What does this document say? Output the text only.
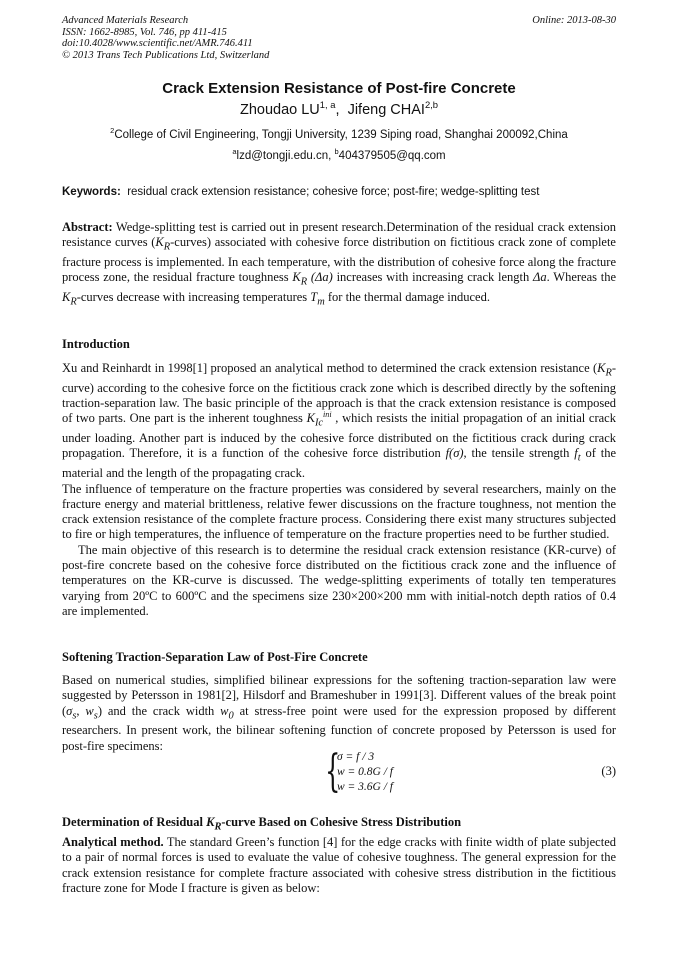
Advanced Materials Research
ISSN: 1662-8985, Vol. 746, pp 411-415
doi:10.4028/www.scientific.net/AMR.746.411
© 2013 Trans Tech Publications Ltd, Switzerland
Online: 2013-08-30
Crack Extension Resistance of Post-fire Concrete
Zhoudao LU$^{1, a}$, Jifeng CHAI$^{2,b}$
$^2$College of Civil Engineering, Tongji University, 1239 Siping road, Shanghai 200092,China
$^a$lzd@tongji.edu.cn, $^b$404379505@qq.com
Keywords: residual crack extension resistance; cohesive force; post-fire; wedge-splitting test

Abstract: Wedge-splitting test is carried out in present research.Determination of the residual crack extension resistance curves $(K_R-curves)$ associated with cohesive force distribution on fictitious crack zone of complete fracture process is implemented. In each temperature, with the distribution of cohesive force along the fracture process zone, the residual fracture toughness $K_R$ (Δa) increases with increasing crack length Δa. Whereas the $K_R$-curves decrease with increasing temperatures $T_m$ for the thermal damage induced.

Introduction

Xu and Reinhardt in 1998[1] proposed an analytical method to determined the crack extension resistance $(K_R-curve)$ according to the cohesive force on the fictitious crack zone which is described directly by the softening traction-separation law. The basic principle of the approach is that the crack extension resistance is composed of two parts. One part is the inherent toughness $K_{Ic}^{ini}$ , which resists the initial propagation of an initial crack under loading. Another part is induced by the cohesive force distributed on the fictitious crack during crack propagation. Therefore, it is a function of the cohesive force distribution f(σ), the tensile strength $f_t$ of the material and the length of the propagating crack.

The influence of temperature on the fracture properties was considered by several researchers, mainly on the fracture energy and material brittleness, relative fewer discussions on the fracture toughness, not mention the crack extension resistance of the complete fracture process. Considering there exist many structures subjected to fire or high temperatures, the influence of temperature on the fracture properties need to be further studied.

The main objective of this research is to determine the residual crack extension resistance (KR-curve) of post-fire concrete based on the cohesive force distributed on the fictitious crack zone and the influence of temperatures on the KR-curve is discussed. The wedge-splitting experiments of totally ten temperatures varying from 20ºC to 600ºC and the specimens size 230×200×200 mm with initial-notch depth ratios of 0.4 are implemented.

Softening Traction-Separation Law of Post-Fire Concrete

Based on numerical studies, simplified bilinear expressions for the softening traction-separation law were suggested by Petersson in 1981[2], Hilsdorf and Brameshuber in 1991[3]. Different values of the break point ($\sigma_s$, $w_s$) and the crack width $w_0$ at stress-free point were used for the expression proposed by different researchers. In present work, the bilinear softening function of concrete proposed by Petersson is used for post-fire specimens:

{
σ = f / 3
w = 0.8G / f
w = 3.6G / f
(3)
Determination of Residual $K_R$-curve Based on Cohesive Stress Distribution

Analytical method. The standard Green’s function [4] for the edge cracks with finite width of plate subjected to a pair of normal forces is used to evaluate the value of cohesive toughness. The general expression for the crack extension resistance for complete fracture associated with cohesive stress distribution in the fictitious fracture zone for Mode I fracture is given as below:
